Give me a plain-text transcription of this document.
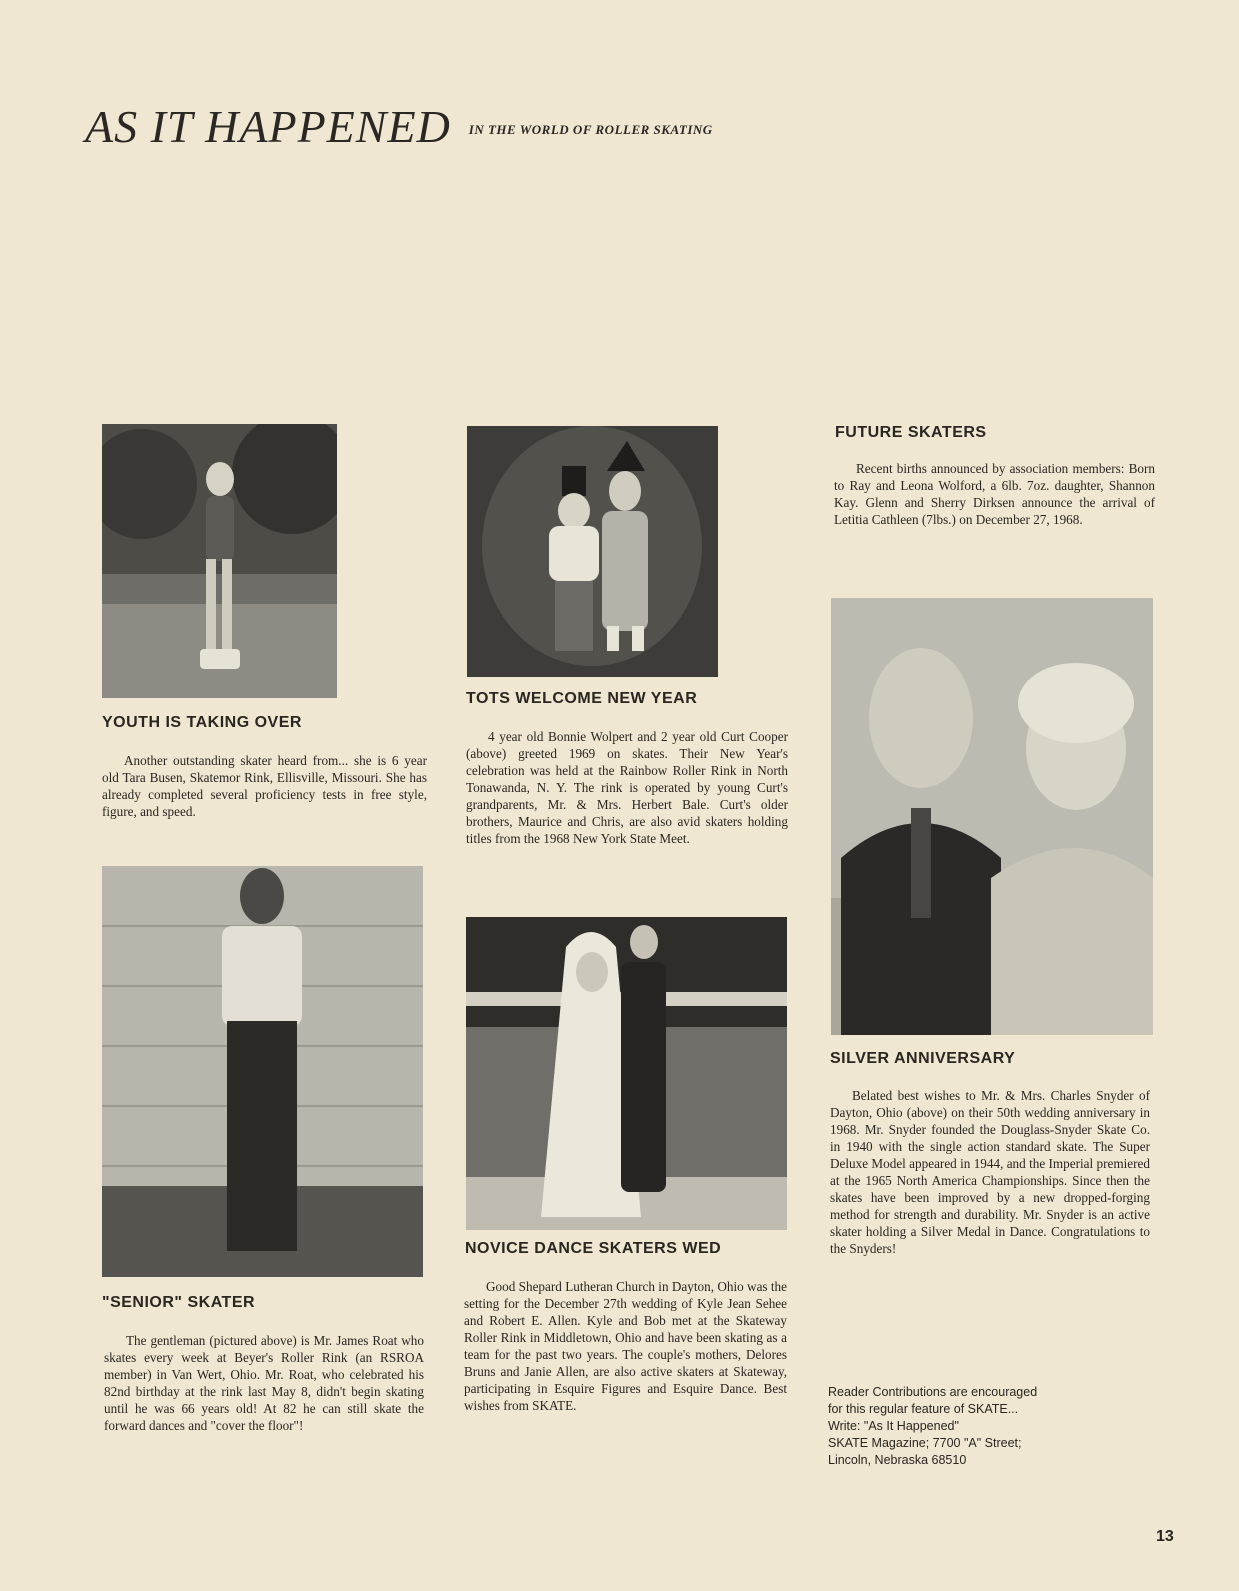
AS IT HAPPENED $^{IN THE WORLD OF ROLLER SKATING}$
YOUTH IS TAKING OVER
Another outstanding skater heard from... she is 6 year old Tara Busen, Skatemor Rink, Ellisville, Missouri. She has already completed several proficiency tests in free style, figure, and speed.
"SENIOR" SKATER
The gentleman (pictured above) is Mr. James Roat who skates every week at Beyer's Roller Rink (an RSROA member) in Van Wert, Ohio. Mr. Roat, who celebrated his 82nd birthday at the rink last May 8, didn't begin skating until he was 66 years old! At 82 he can still skate the forward dances and "cover the floor"!
TOTS WELCOME NEW YEAR
4 year old Bonnie Wolpert and 2 year old Curt Cooper (above) greeted 1969 on skates. Their New Year's celebration was held at the Rainbow Roller Rink in North Tonawanda, N. Y. The rink is operated by young Curt's grandparents, Mr. & Mrs. Herbert Bale. Curt's older brothers, Maurice and Chris, are also avid skaters holding titles from the 1968 New York State Meet.
NOVICE DANCE SKATERS WED
Good Shepard Lutheran Church in Dayton, Ohio was the setting for the December 27th wedding of Kyle Jean Sehee and Robert E. Allen. Kyle and Bob met at the Skateway Roller Rink in Middletown, Ohio and have been skating as a team for the past two years. The couple's mothers, Delores Bruns and Janie Allen, are also active skaters at Skateway, participating in Esquire Figures and Esquire Dance. Best wishes from SKATE.
FUTURE SKATERS
Recent births announced by association members: Born to Ray and Leona Wolford, a 6lb. 7oz. daughter, Shannon Kay. Glenn and Sherry Dirksen announce the arrival of Letitia Cathleen (7lbs.) on December 27, 1968.
SILVER ANNIVERSARY
Belated best wishes to Mr. & Mrs. Charles Snyder of Dayton, Ohio (above) on their 50th wedding anniversary in 1968. Mr. Snyder founded the Douglass-Snyder Skate Co. in 1940 with the single action standard skate. The Super Deluxe Model appeared in 1944, and the Imperial premiered at the 1965 North America Championships. Since then the skates have been improved by a new dropped-forging method for strength and durability. Mr. Snyder is an active skater holding a Silver Medal in Dance. Congratulations to the Snyders!
Reader Contributions are encouraged
for this regular feature of SKATE...
Write: "As It Happened"
SKATE Magazine; 7700 "A" Street;
Lincoln, Nebraska 68510
13
